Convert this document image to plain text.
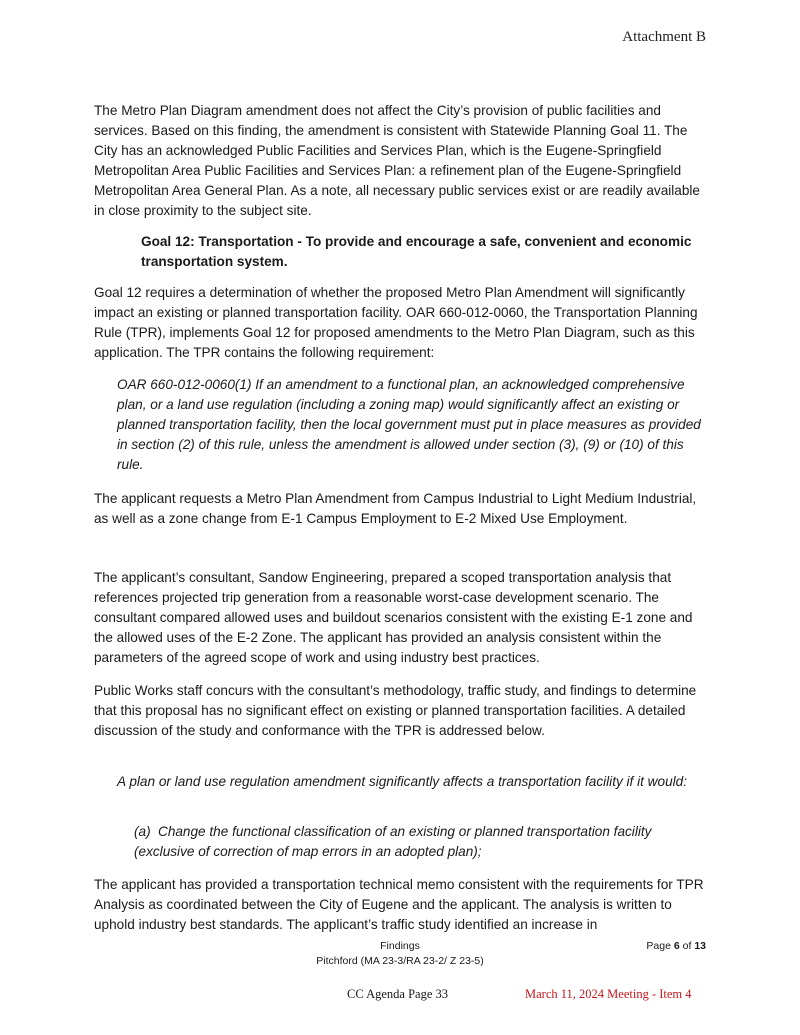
Attachment B

The Metro Plan Diagram amendment does not affect the City’s provision of public facilities and services. Based on this finding, the amendment is consistent with Statewide Planning Goal 11. The City has an acknowledged Public Facilities and Services Plan, which is the Eugene-Springfield Metropolitan Area Public Facilities and Services Plan: a refinement plan of the Eugene-Springfield Metropolitan Area General Plan. As a note, all necessary public services exist or are readily available in close proximity to the subject site.

Goal 12: Transportation - To provide and encourage a safe, convenient and economic transportation system.

Goal 12 requires a determination of whether the proposed Metro Plan Amendment will significantly impact an existing or planned transportation facility. OAR 660-012-0060, the Transportation Planning Rule (TPR), implements Goal 12 for proposed amendments to the Metro Plan Diagram, such as this application. The TPR contains the following requirement:

OAR 660-012-0060(1) If an amendment to a functional plan, an acknowledged comprehensive plan, or a land use regulation (including a zoning map) would significantly affect an existing or planned transportation facility, then the local government must put in place measures as provided in section (2) of this rule, unless the amendment is allowed under section (3), (9) or (10) of this rule.

The applicant requests a Metro Plan Amendment from Campus Industrial to Light Medium Industrial, as well as a zone change from E-1 Campus Employment to E-2 Mixed Use Employment.

The applicant’s consultant, Sandow Engineering, prepared a scoped transportation analysis that references projected trip generation from a reasonable worst-case development scenario. The consultant compared allowed uses and buildout scenarios consistent with the existing E-1 zone and the allowed uses of the E-2 Zone. The applicant has provided an analysis consistent within the parameters of the agreed scope of work and using industry best practices.

Public Works staff concurs with the consultant’s methodology, traffic study, and findings to determine that this proposal has no significant effect on existing or planned transportation facilities. A detailed discussion of the study and conformance with the TPR is addressed below.

A plan or land use regulation amendment significantly affects a transportation facility if it would:

(a) Change the functional classification of an existing or planned transportation facility (exclusive of correction of map errors in an adopted plan);

The applicant has provided a transportation technical memo consistent with the requirements for TPR Analysis as coordinated between the City of Eugene and the applicant. The analysis is written to uphold industry best standards. The applicant’s traffic study identified an increase in

Findings
Pitchford (MA 23-3/RA 23-2/ Z 23-5)
Page 6 of 13
CC Agenda Page 33	March 11, 2024 Meeting - Item 4
